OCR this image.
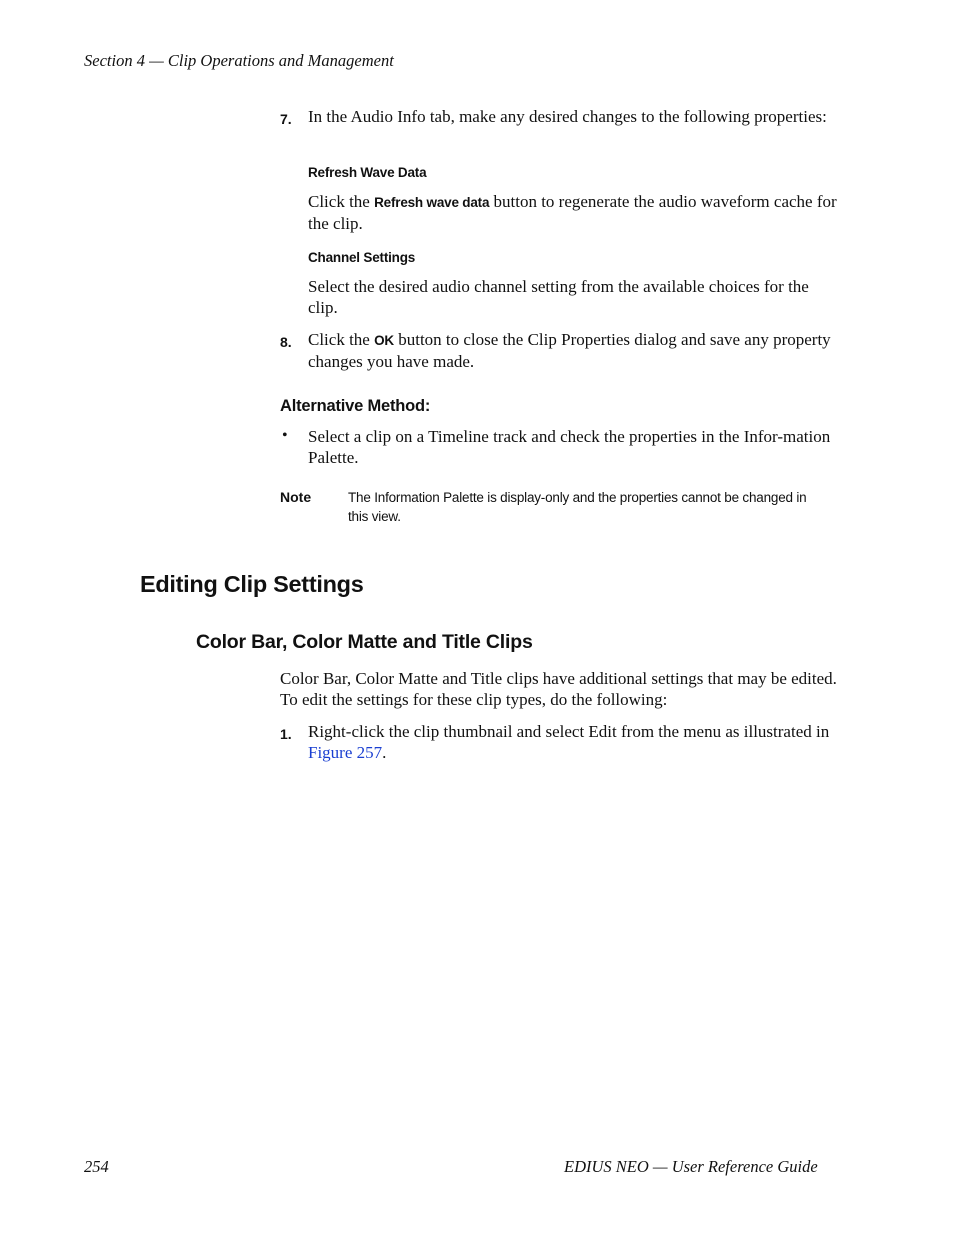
Section 4 — Clip Operations and Management
7. In the Audio Info tab, make any desired changes to the following properties:
Refresh Wave Data
Click the Refresh wave data button to regenerate the audio waveform cache for the clip.
Channel Settings
Select the desired audio channel setting from the available choices for the clip.
8. Click the OK button to close the Clip Properties dialog and save any property changes you have made.
Alternative Method:
• Select a clip on a Timeline track and check the properties in the Infor-mation Palette.
Note	The Information Palette is display-only and the properties cannot be changed in this view.
Editing Clip Settings
Color Bar, Color Matte and Title Clips
Color Bar, Color Matte and Title clips have additional settings that may be edited. To edit the settings for these clip types, do the following:
1. Right-click the clip thumbnail and select Edit from the menu as illustrated in Figure 257.
254	EDIUS NEO — User Reference Guide
